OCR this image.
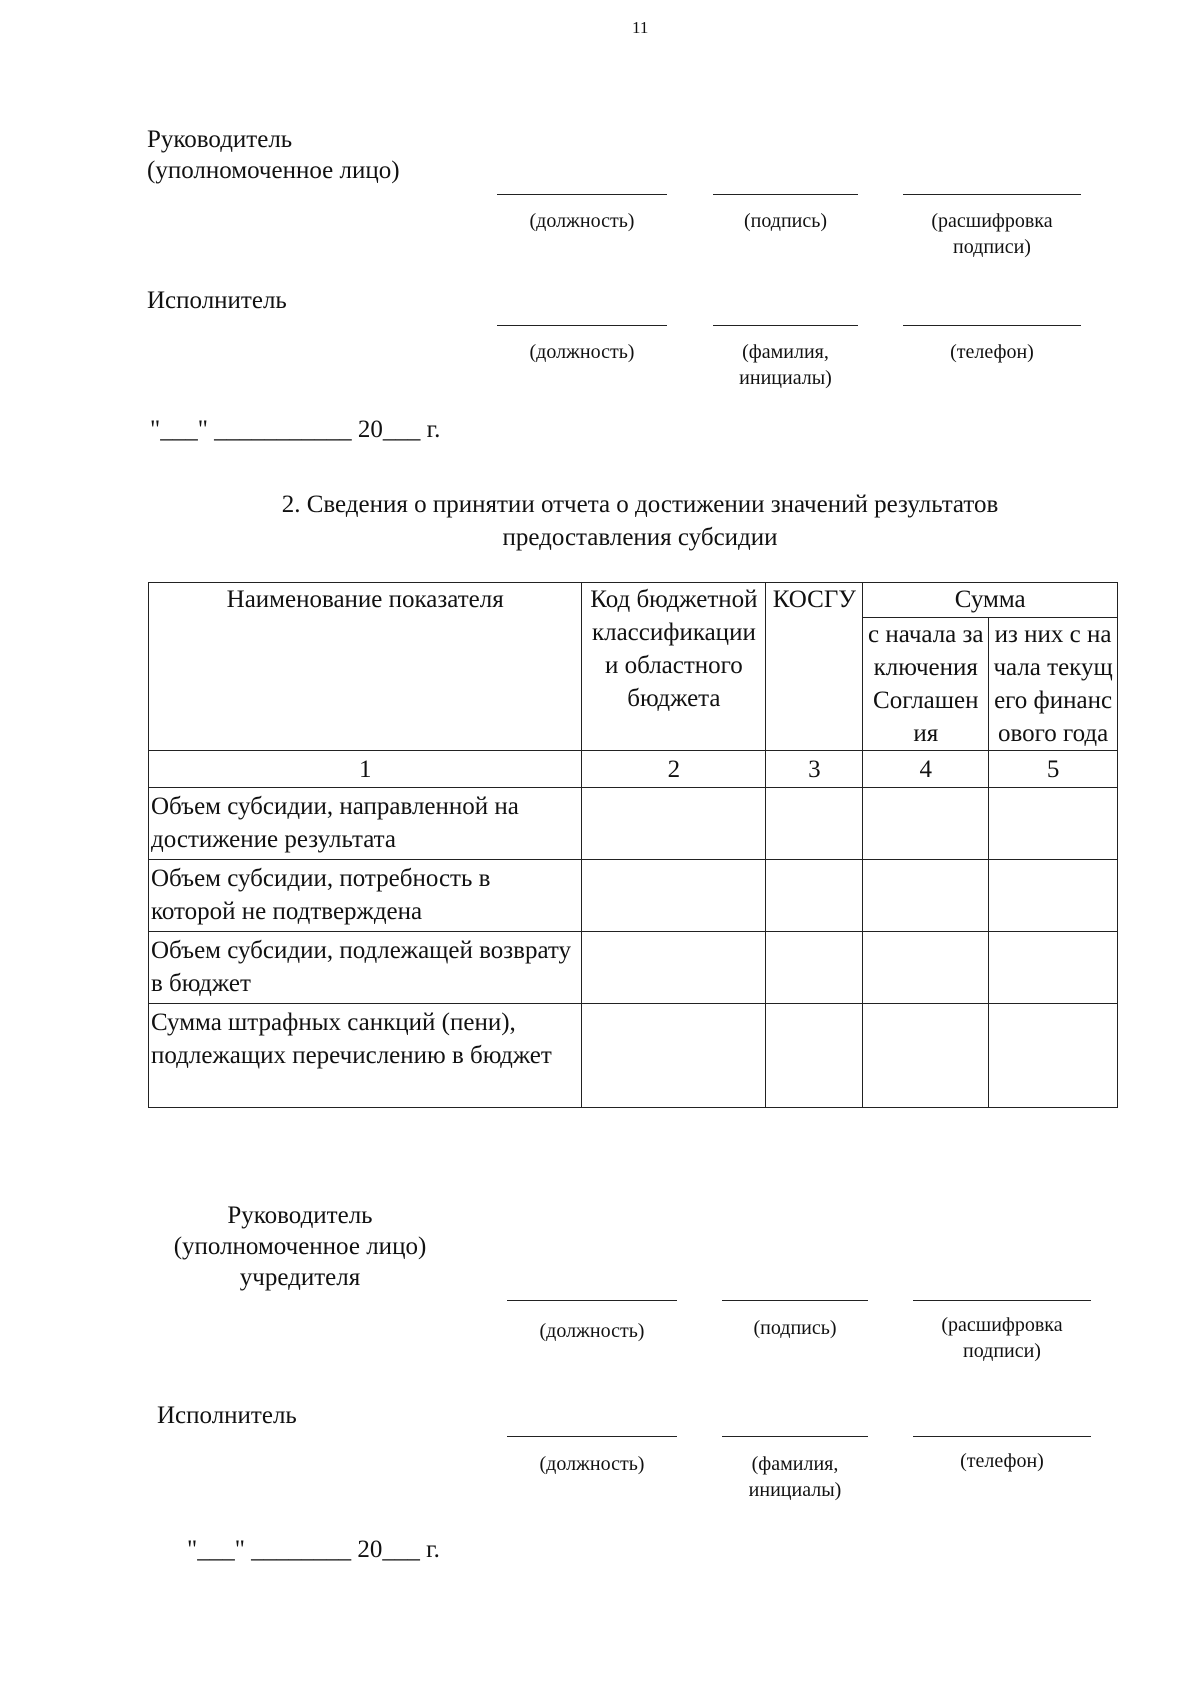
11
Руководитель
(уполномоченное лицо)
(должность)	(подпись)	(расшифровка
подписи)
Исполнитель
(должность)	(фамилия,
инициалы)
(телефон)
"___" ___________ 20___ г.
2. Сведения о принятии отчета о достижении значений результатов
предоставления субсидии
Наименование показателя	Код бюджетной классификации и областного бюджета	КОСГУ	Сумма	
			с начала заключения Соглашения	из них с начала текущего финансового года
1	2	3	4	5
Объем субсидии, направленной на достижение результата				
Объем субсидии, потребность в которой не подтверждена				
Объем субсидии, подлежащей возврату в бюджет				
Сумма штрафных санкций (пени), подлежащих перечислению в бюджет				
Руководитель
(уполномоченное лицо)
учредителя
(должность)	(подпись)	(расшифровка
подписи)
Исполнитель
(должность)	(фамилия,
инициалы)
(телефон)
"___" ________ 20___ г.
